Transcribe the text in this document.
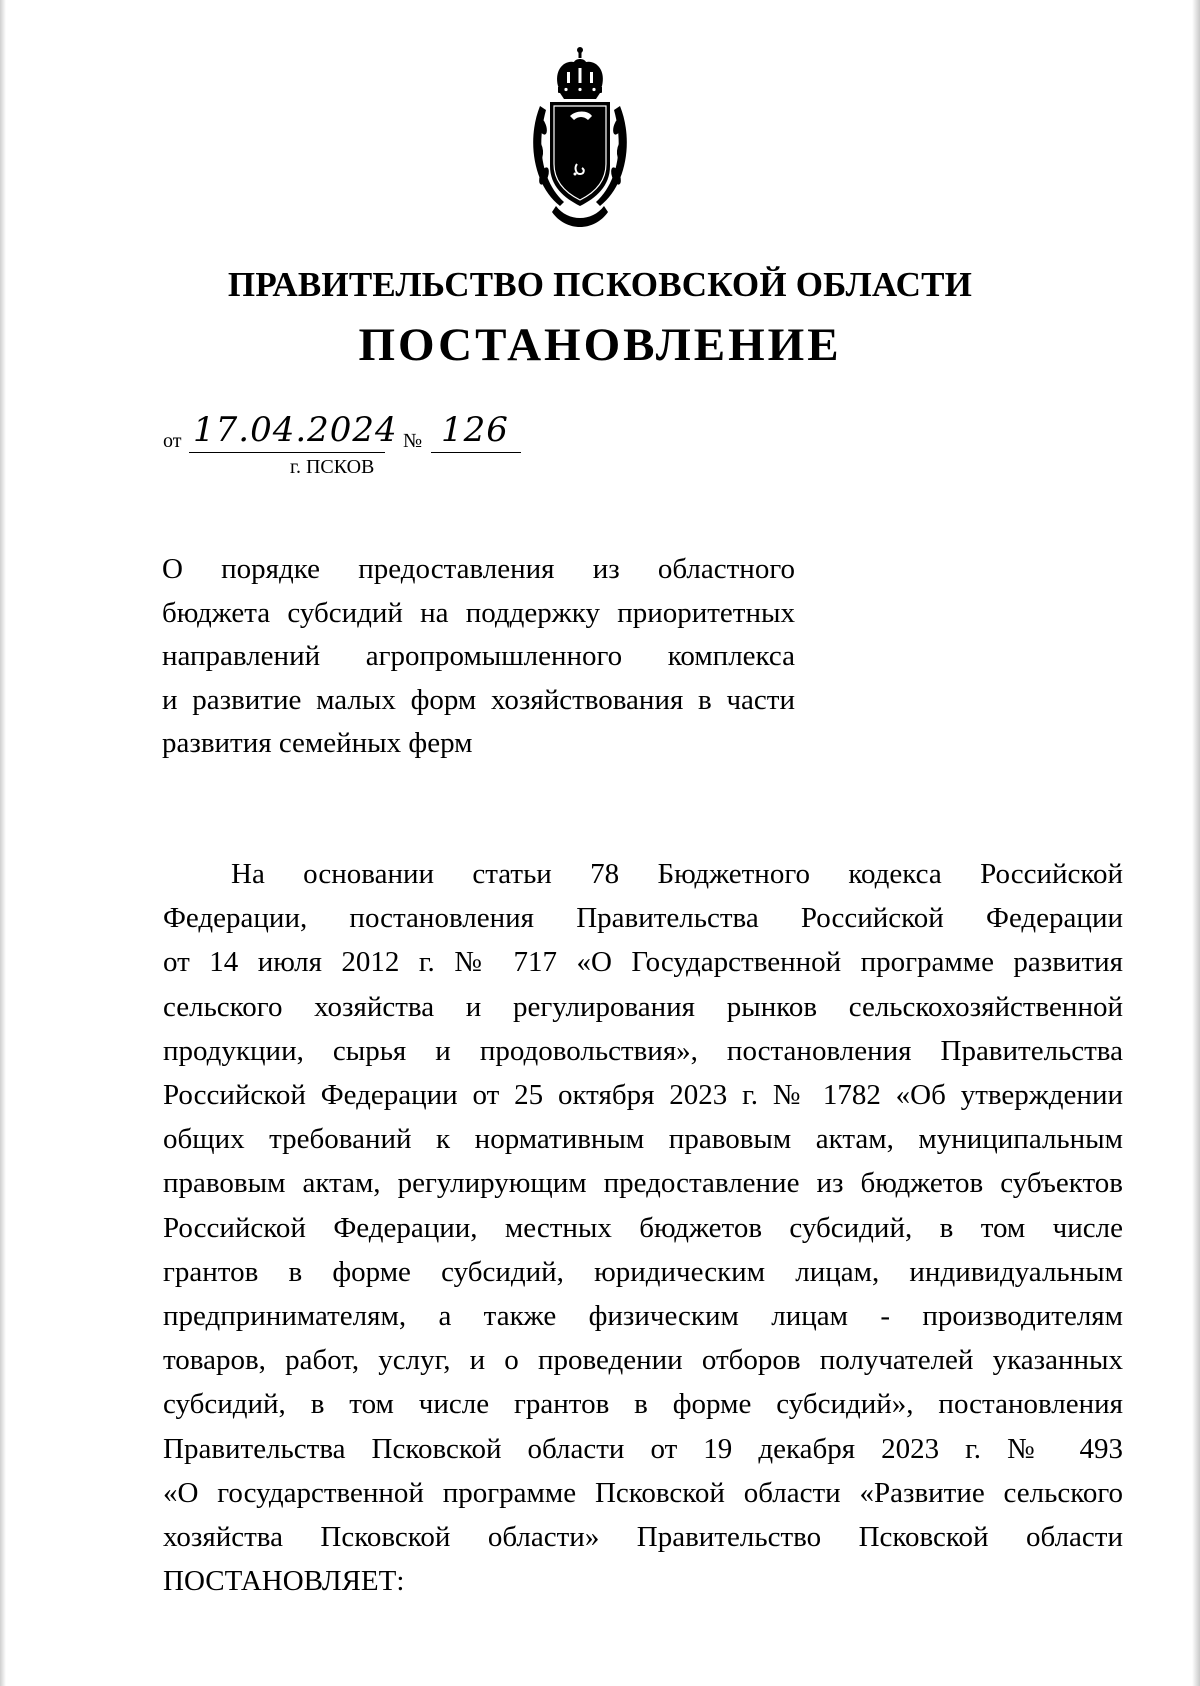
ПРАВИТЕЛЬСТВО ПСКОВСКОЙ ОБЛАСТИ
ПОСТАНОВЛЕНИЕ
от 17.04.2024 № 126
г. ПСКОВ
О порядке предоставления из областного
бюджета субсидий на поддержку приоритетных
направлений агропромышленного комплекса
и развитие малых форм хозяйствования в части
развития семейных ферм
На основании статьи 78 Бюджетного кодекса Российской
Федерации, постановления Правительства Российской Федерации
от 14 июля 2012 г. № 717 «О Государственной программе развития
сельского хозяйства и регулирования рынков сельскохозяйственной
продукции, сырья и продовольствия», постановления Правительства
Российской Федерации от 25 октября 2023 г. № 1782 «Об утверждении
общих требований к нормативным правовым актам, муниципальным
правовым актам, регулирующим предоставление из бюджетов субъектов
Российской Федерации, местных бюджетов субсидий, в том числе
грантов в форме субсидий, юридическим лицам, индивидуальным
предпринимателям, а также физическим лицам - производителям
товаров, работ, услуг, и о проведении отборов получателей указанных
субсидий, в том числе грантов в форме субсидий», постановления
Правительства Псковской области от 19 декабря 2023 г. № 493
«О государственной программе Псковской области «Развитие сельского
хозяйства Псковской области» Правительство Псковской области
ПОСТАНОВЛЯЕТ:
